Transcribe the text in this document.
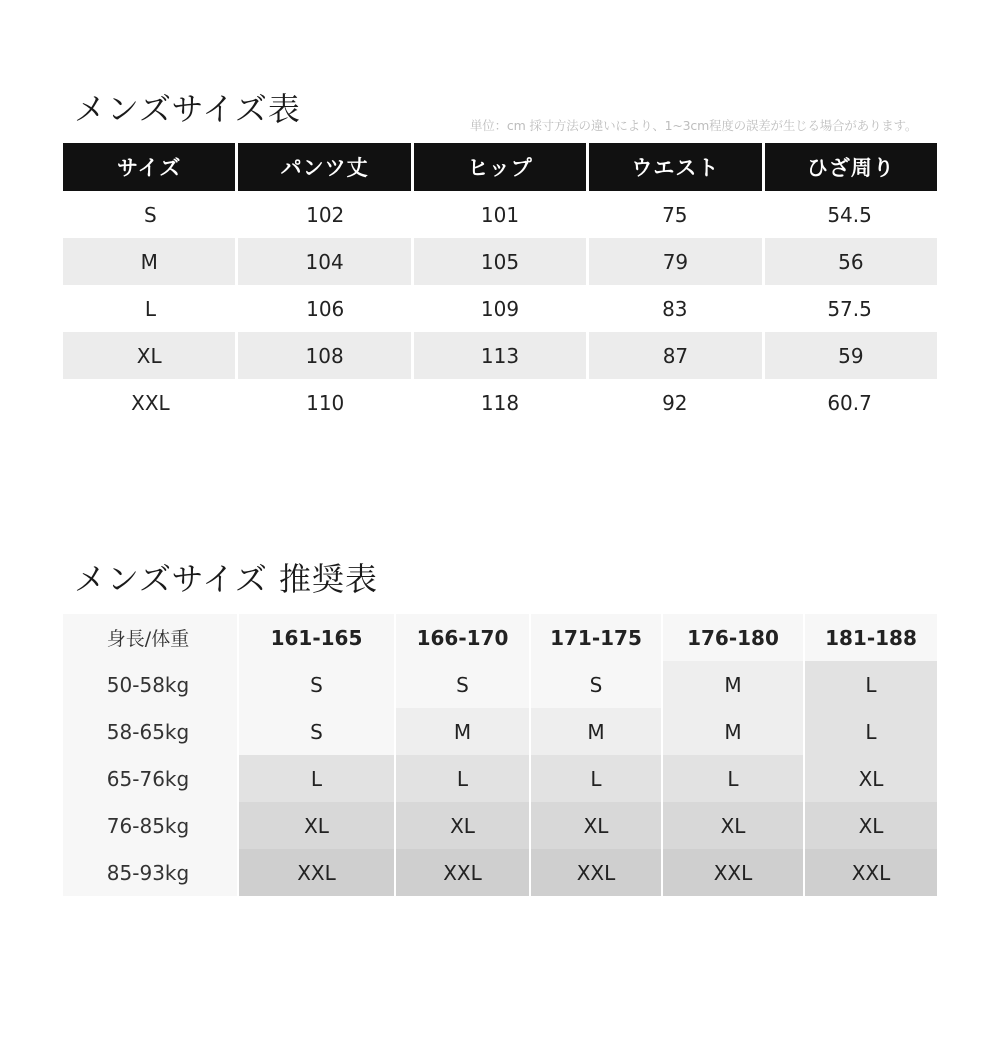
メンズサイズ表	単位：cm 採寸方法の違いにより、1~3cm程度の誤差が生じる場合があります。
サイズ	パンツ丈	ヒップ	ウエスト	ひざ周り
S	102	101	75	54.5
M	104	105	79	56
L	106	109	83	57.5
XL	108	113	87	59
XXL	110	118	92	60.7
メンズサイズ 推奨表
身長/体重	161-165	166-170	171-175	176-180	181-188
50-58kg	S	S	S	M	L
58-65kg	S	M	M	M	L
65-76kg	L	L	L	L	XL
76-85kg	XL	XL	XL	XL	XL
85-93kg	XXL	XXL	XXL	XXL	XXL
